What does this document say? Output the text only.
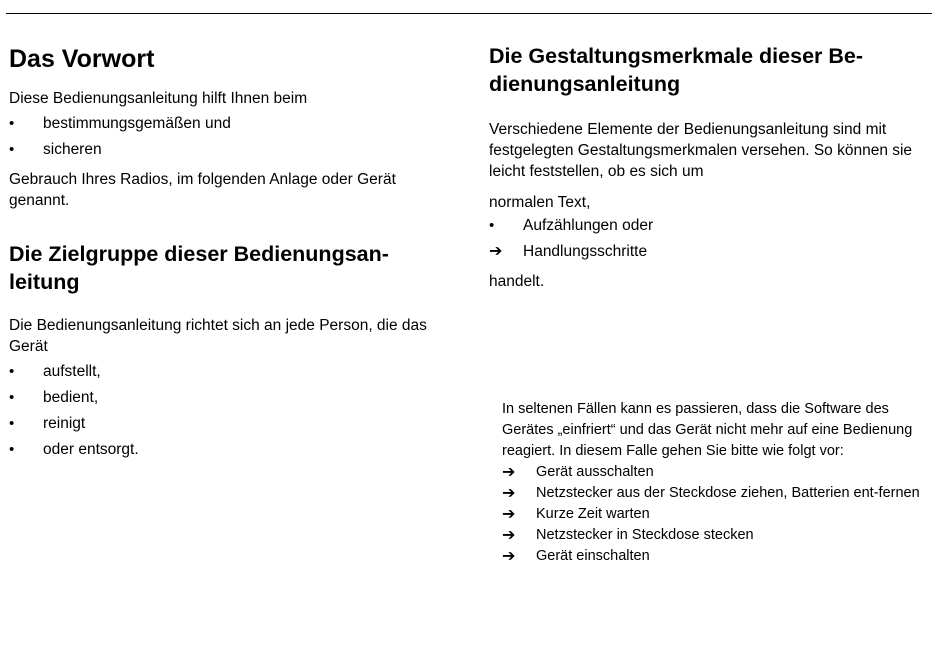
Das Vorwort

Diese Bedienungsanleitung hilft Ihnen beim

•	bestimmungsgemäßen und
•	sicheren

Gebrauch Ihres Radios, im folgenden Anlage oder Gerät genannt.

Die Zielgruppe dieser Bedienungsan-
leitung

Die Bedienungsanleitung richtet sich an jede Person, die das Gerät

•	aufstellt,
•	bedient,
•	reinigt
•	oder entsorgt.
Die Gestaltungsmerkmale dieser Be-
dienungsanleitung

Verschiedene Elemente der Bedienungsanleitung sind mit festgelegten Gestaltungsmerkmalen versehen. So können sie leicht feststellen, ob es sich um

normalen Text,

•	Aufzählungen oder
➔	Handlungsschritte

handelt.

In seltenen Fällen kann es passieren, dass die Software des Gerätes „einfriert“ und das Gerät nicht mehr auf eine Bedienung reagiert. In diesem Falle gehen Sie bitte wie folgt vor:

➔	Gerät ausschalten
➔	Netzstecker aus der Steckdose ziehen, Batterien ent-fernen
➔	Kurze Zeit warten
➔	Netzstecker in Steckdose stecken
➔	Gerät einschalten
